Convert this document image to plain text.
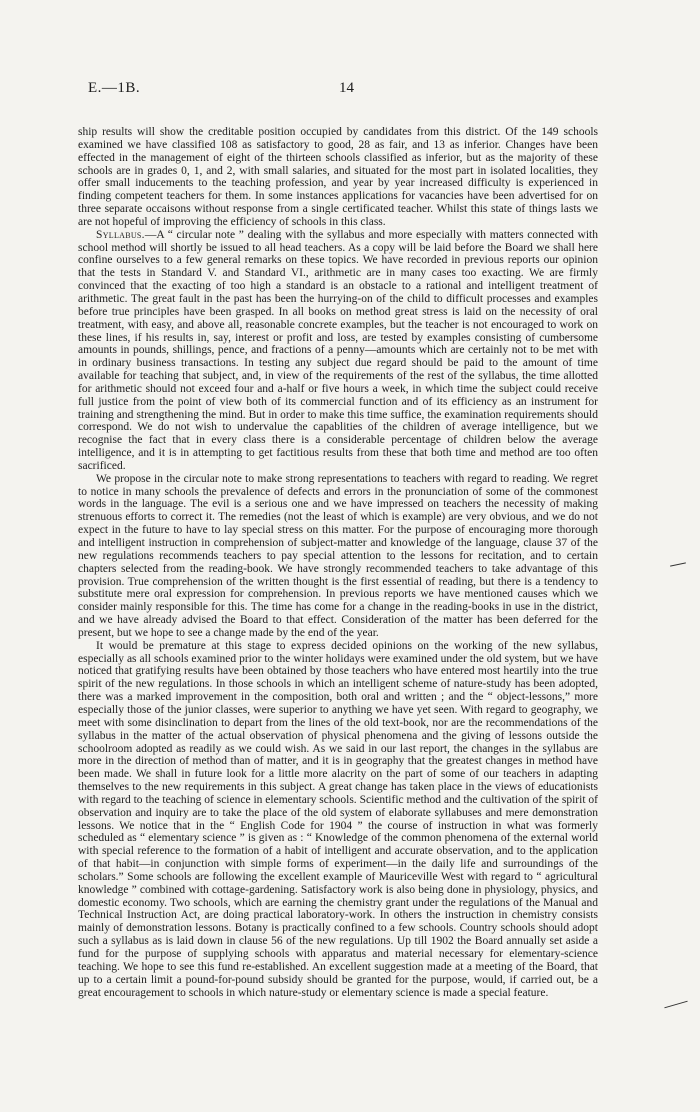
E.—1B.	14

ship results will show the creditable position occupied by candidates from this district. Of the 149 schools examined we have classified 108 as satisfactory to good, 28 as fair, and 13 as inferior. Changes have been effected in the management of eight of the thirteen schools classified as inferior, but as the majority of these schools are in grades 0, 1, and 2, with small salaries, and situated for the most part in isolated localities, they offer small inducements to the teaching profession, and year by year increased difficulty is experienced in finding competent teachers for them. In some instances applications for vacancies have been advertised for on three separate occaisons without response from a single certificated teacher. Whilst this state of things lasts we are not hopeful of improving the efficiency of schools in this class.

Syllabus.—A “ circular note ” dealing with the syllabus and more especially with matters connected with school method will shortly be issued to all head teachers. As a copy will be laid before the Board we shall here confine ourselves to a few general remarks on these topics. We have recorded in previous reports our opinion that the tests in Standard V. and Standard VI., arithmetic are in many cases too exacting. We are firmly convinced that the exacting of too high a standard is an obstacle to a rational and intelligent treatment of arithmetic. The great fault in the past has been the hurrying-on of the child to difficult processes and examples before true principles have been grasped. In all books on method great stress is laid on the necessity of oral treatment, with easy, and above all, reasonable concrete examples, but the teacher is not encouraged to work on these lines, if his results in, say, interest or profit and loss, are tested by examples consisting of cumbersome amounts in pounds, shillings, pence, and fractions of a penny—amounts which are certainly not to be met with in ordinary business transactions. In testing any subject due regard should be paid to the amount of time available for teaching that subject, and, in view of the requirements of the rest of the syllabus, the time allotted for arithmetic should not exceed four and a-half or five hours a week, in which time the subject could receive full justice from the point of view both of its commercial function and of its efficiency as an instrument for training and strengthening the mind. But in order to make this time suffice, the examination requirements should correspond. We do not wish to undervalue the capablities of the children of average intelligence, but we recognise the fact that in every class there is a considerable percentage of children below the average intelligence, and it is in attempting to get factitious results from these that both time and method are too often sacrificed.

We propose in the circular note to make strong representations to teachers with regard to reading. We regret to notice in many schools the prevalence of defects and errors in the pronunciation of some of the commonest words in the language. The evil is a serious one and we have impressed on teachers the necessity of making strenuous efforts to correct it. The remedies (not the least of which is example) are very obvious, and we do not expect in the future to have to lay special stress on this matter. For the purpose of encouraging more thorough and intelligent instruction in comprehension of subject-matter and knowledge of the language, clause 37 of the new regulations recommends teachers to pay special attention to the lessons for recitation, and to certain chapters selected from the reading-book. We have strongly recommended teachers to take advantage of this provision. True comprehension of the written thought is the first essential of reading, but there is a tendency to substitute mere oral expression for comprehension. In previous reports we have mentioned causes which we consider mainly responsible for this. The time has come for a change in the reading-books in use in the district, and we have already advised the Board to that effect. Consideration of the matter has been deferred for the present, but we hope to see a change made by the end of the year.

It would be premature at this stage to express decided opinions on the working of the new syllabus, especially as all schools examined prior to the winter holidays were examined under the old system, but we have noticed that gratifying results have been obtained by those teachers who have entered most heartily into the true spirit of the new regulations. In those schools in which an intelligent scheme of nature-study has been adopted, there was a marked improvement in the composition, both oral and written ; and the “ object-lessons,” more especially those of the junior classes, were superior to anything we have yet seen. With regard to geography, we meet with some disinclination to depart from the lines of the old text-book, nor are the recommendations of the syllabus in the matter of the actual observation of physical phenomena and the giving of lessons outside the schoolroom adopted as readily as we could wish. As we said in our last report, the changes in the syllabus are more in the direction of method than of matter, and it is in geography that the greatest changes in method have been made. We shall in future look for a little more alacrity on the part of some of our teachers in adapting themselves to the new requirements in this subject. A great change has taken place in the views of educationists with regard to the teaching of science in elementary schools. Scientific method and the cultivation of the spirit of observation and inquiry are to take the place of the old system of elaborate syllabuses and mere demonstration lessons. We notice that in the “ English Code for 1904 ” the course of instruction in what was formerly scheduled as “ elementary science ” is given as : “ Knowledge of the common phenomena of the external world with special reference to the formation of a habit of intelligent and accurate observation, and to the application of that habit—in conjunction with simple forms of experiment—in the daily life and surroundings of the scholars.” Some schools are following the excellent example of Mauriceville West with regard to “ agricultural knowledge ” combined with cottage-gardening. Satisfactory work is also being done in physiology, physics, and domestic economy. Two schools, which are earning the chemistry grant under the regulations of the Manual and Technical Instruction Act, are doing practical laboratory-work. In others the instruction in chemistry consists mainly of demonstration lessons. Botany is practically confined to a few schools. Country schools should adopt such a syllabus as is laid down in clause 56 of the new regulations. Up till 1902 the Board annually set aside a fund for the purpose of supplying schools with apparatus and material necessary for elementary-science teaching. We hope to see this fund re-established. An excellent suggestion made at a meeting of the Board, that up to a certain limit a pound-for-pound subsidy should be granted for the purpose, would, if carried out, be a great encouragement to schools in which nature-study or elementary science is made a special feature.
